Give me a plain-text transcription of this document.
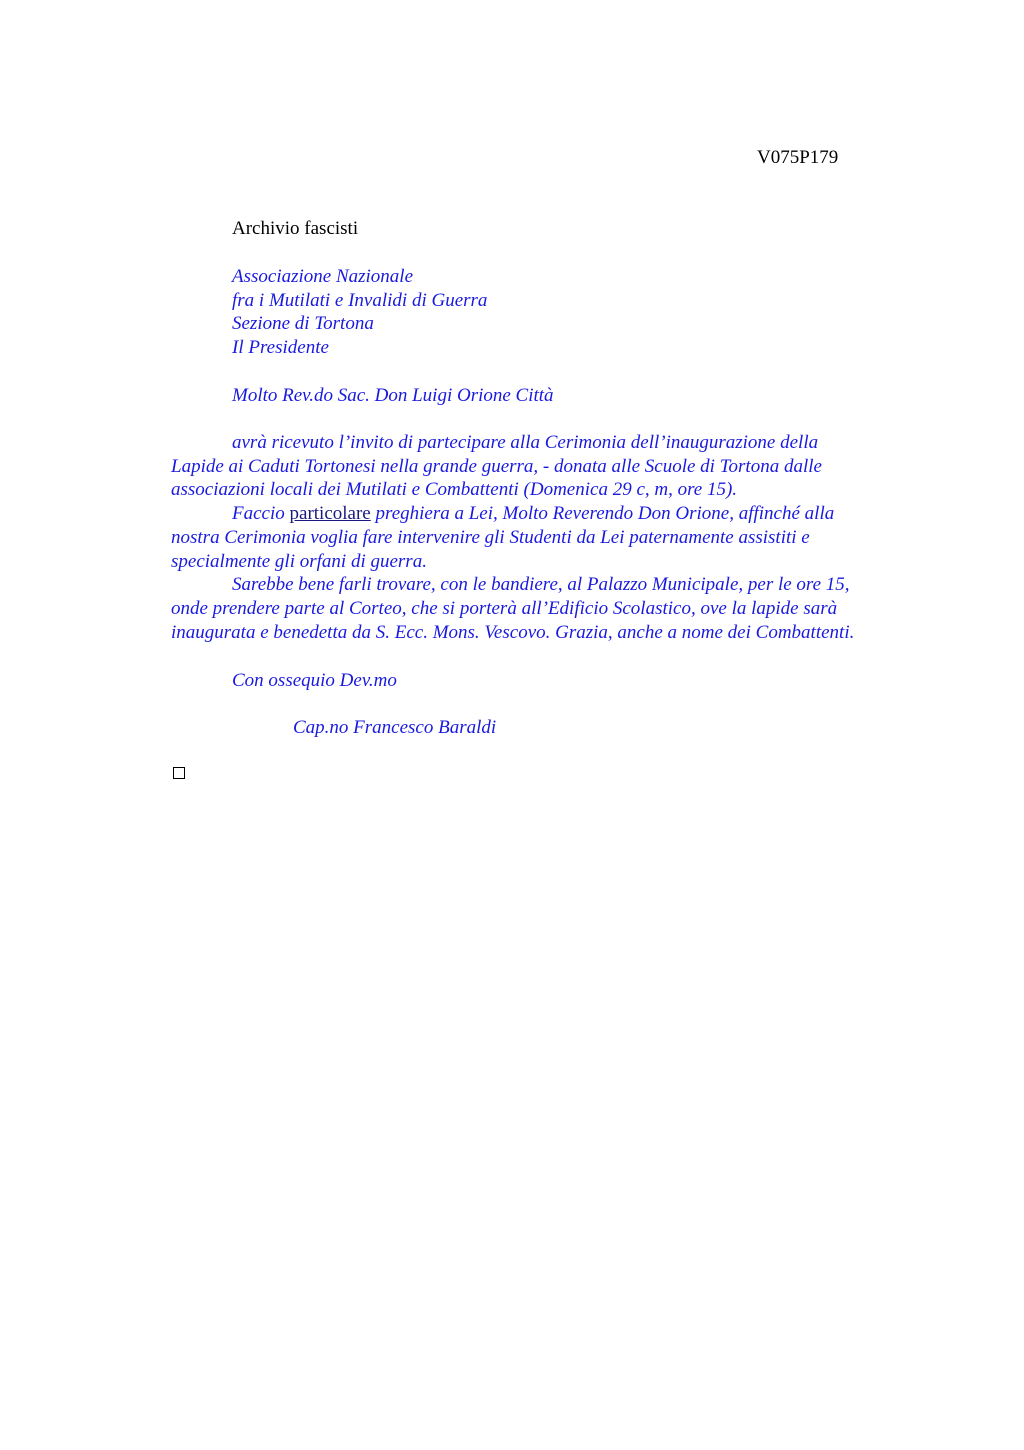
V075P179
Archivio fascisti
Associazione Nazionale
fra i Mutilati e Invalidi di Guerra
Sezione di Tortona
Il Presidente
Molto Rev.do Sac. Don Luigi Orione Città
avrà ricevuto l’invito di partecipare alla Cerimonia dell’inaugurazione della
Lapide ai Caduti Tortonesi nella grande guerra, - donata alle Scuole di Tortona dalle
associazioni locali dei Mutilati e Combattenti (Domenica 29 c, m, ore 15).
Faccio particolare preghiera a Lei, Molto Reverendo Don Orione, affinché alla
nostra Cerimonia voglia fare intervenire gli Studenti da Lei paternamente assistiti e
specialmente gli orfani di guerra.
Sarebbe bene farli trovare, con le bandiere, al Palazzo Municipale, per le ore 15,
onde prendere parte al Corteo, che si porterà all’Edificio Scolastico, ove la lapide sarà
inaugurata e benedetta da S. Ecc. Mons. Vescovo. Grazia, anche a nome dei Combattenti.
Con ossequio Dev.mo
Cap.no Francesco Baraldi
